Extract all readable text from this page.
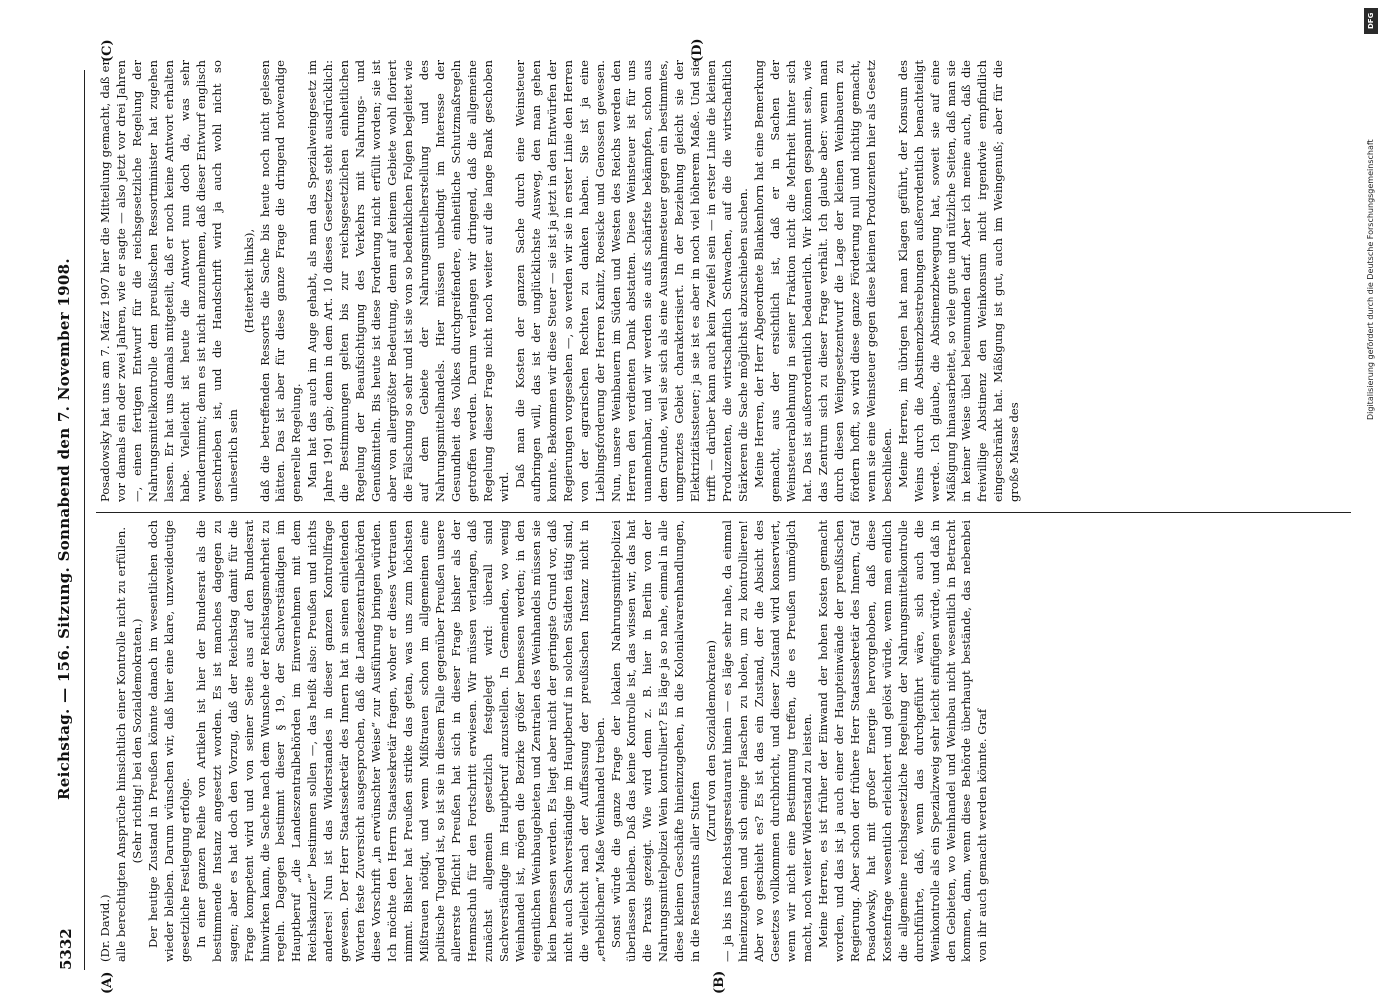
5332
Reichstag. — 156. Sitzung. Sonnabend den 7. November 1908.
(A)	(B)
(C)	(D)

(Dr. David.) alle berechtigten Ansprüche hinsichtlich einer Kontrolle nicht zu erfüllen. (Sehr richtig! bei den Sozialdemokraten.) Der heutige Zustand in Preußen könnte danach im wesentlichen doch wieder bleiben. Darum wünschen wir, daß hier eine klare, unzweideutige gesetzliche Festlegung erfolge. In einer ganzen Reihe von Artikeln ist hier der Bundesrat als die bestimmende Instanz angesetzt worden. Es ist manches dagegen zu sagen; aber es hat doch den Vorzug, daß der Reichstag damit für die Frage kompetent wird und von seiner Seite aus auf den Bundesrat hinwirken kann, die Sache nach dem Wunsche der Reichstagsmehrheit zu regeln. Dagegen bestimmt dieser § 19, der Sachverständigen im Hauptberuf „die Landeszentralbehörden im Einvernehmen mit dem Reichskanzler“ bestimmen sollen —, das heißt also: Preußen und nichts anderes! Nun ist das Widerstandes in dieser ganzen Kontrollfrage gewesen. Der Herr Staatssekretär des Innern hat in seinen einleitenden Worten feste Zuversicht ausgesprochen, daß die Landeszentralbehörden diese Vorschrift „in erwünschter Weise“ zur Ausführung bringen würden. Ich möchte den Herrn Staatssekretär fragen, woher er dieses Vertrauen nimmt. Bisher hat Preußen strikte das getan, was uns zum höchsten Mißtrauen nötigt, und wenn Mißtrauen schon im allgemeinen eine politische Tugend ist, so ist sie in diesem Falle gegenüber Preußen unsere allererste Pflicht! Preußen hat sich in dieser Frage bisher als der Hemmschuh für den Fortschritt erwiesen. Wir müssen verlangen, daß zunächst allgemein gesetzlich festgelegt wird: überall sind Sachverständige im Hauptberuf anzustellen. In Gemeinden, wo wenig Weinhandel ist, mögen die Bezirke größer bemessen werden; in den eigentlichen Weinbaugebieten und Zentralen des Weinhandels müssen sie klein bemessen werden. Es liegt aber nicht der geringste Grund vor, daß nicht auch Sachverständige im Hauptberuf in solchen Städten tätig sind, die vielleicht nach der Auffassung der preußischen Instanz nicht in „erheblichem“ Maße Weinhandel treiben. Sonst würde die ganze Frage der lokalen Nahrungsmittelpolizei überlassen bleiben. Daß das keine Kontrolle ist, das wissen wir, das hat die Praxis gezeigt. Wie wird denn z. B. hier in Berlin von der Nahrungsmittelpolizei Wein kontrolliert? Es läge ja so nahe, einmal in alle diese kleinen Geschäfte hineinzugehen, in die Kolonialwarenhandlungen, in die Restaurants aller Stufen

(Zuruf von den Sozialdemokraten) — ja bis ins Reichstagsrestaurant hinein — es läge sehr nahe, da einmal hineinzugehen und sich einige Flaschen zu holen, um zu kontrollieren! Aber wo geschieht es? Es ist das ein Zustand, der die Absicht des Gesetzes vollkommen durchbricht, und dieser Zustand wird konserviert, wenn wir nicht eine Bestimmung treffen, die es Preußen unmöglich macht, noch weiter Widerstand zu leisten. Meine Herren, es ist früher der Einwand der hohen Kosten gemacht worden, und das ist ja auch einer der Haupteinwände der preußischen Regierung. Aber schon der frühere Herr Staatssekretär des Innern, Graf Posadowsky, hat mit großer Energie hervorgehoben, daß diese Kostenfrage wesentlich erleichtert und gelöst würde, wenn man endlich die allgemeine reichsgesetzliche Regelung der Nahrungsmittelkontrolle durchführte, daß, wenn das durchgeführt wäre, sich auch die Weinkontrolle als ein Spezialzweig sehr leicht einfügen würde, und daß in den Gebieten, wo Weinhandel und Weinbau nicht wesentlich in Betracht kommen, dann, wenn diese Behörde überhaupt bestände, das nebenbei von ihr auch gemacht werden könnte. Graf

Posadowsky hat uns am 7. März 1907 hier die Mitteilung gemacht, daß er vor damals ein oder zwei Jahren, wie er sagte — also jetzt vor drei Jahren —, einen fertigen Entwurf für die reichsgesetzliche Regelung der Nahrungsmittelkontrolle dem preußischen Ressortminister hat zugehen lassen. Er hat uns damals mitgeteilt, daß er noch keine Antwort erhalten habe. Vielleicht ist heute die Antwort nun doch da, was sehr wundernimmt; denn es ist nicht anzunehmen, daß dieser Entwurf englisch geschrieben ist, und die Handschrift wird ja auch wohl nicht so unleserlich sein

(Heiterkeit links), daß die betreffenden Ressorts die Sache bis heute noch nicht gelesen hätten. Das ist aber für diese ganze Frage die dringend notwendige generelle Regelung. Man hat das auch im Auge gehabt, als man das Spezialweingesetz im Jahre 1901 gab; denn in dem Art. 10 dieses Gesetzes steht ausdrücklich: die Bestimmungen gelten bis zur reichsgesetzlichen einheitlichen Regelung der Beaufsichtigung des Verkehrs mit Nahrungs- und Genußmitteln. Bis heute ist diese Forderung nicht erfüllt worden; sie ist aber von allergrößter Bedeutung, denn auf keinem Gebiete wohl floriert die Fälschung so sehr und ist sie von so bedenklichen Folgen begleitet wie auf dem Gebiete der Nahrungsmittelherstellung und des Nahrungsmittelhandels. Hier müssen unbedingt im Interesse der Gesundheit des Volkes durchgreifendere, einheitliche Schutzmaßregeln getroffen werden. Darum verlangen wir dringend, daß die allgemeine Regelung dieser Frage nicht noch weiter auf die lange Bank geschoben wird. Daß man die Kosten der ganzen Sache durch eine Weinsteuer aufbringen will, das ist der unglücklichste Ausweg, den man gehen konnte. Bekommen wir diese Steuer — sie ist ja jetzt in den Entwürfen der Regierungen vorgesehen —, so werden wir sie in erster Linie den Herren von der agrarischen Rechten zu danken haben. Sie ist ja eine Lieblingsforderung der Herren Kanitz, Roesicke und Genossen gewesen. Nun, unsere Weinbauern im Süden und Westen des Reichs werden den Herren den verdienten Dank abstatten. Diese Weinsteuer ist für uns unannehmbar, und wir werden sie aufs schärfste bekämpfen, schon aus dem Grunde, weil sie sich als eine Ausnahmesteuer gegen ein bestimmtes, umgrenztes Gebiet charakterisiert. In der Beziehung gleicht sie der Elektrizitätssteuer; ja sie ist es aber in noch viel höherem Maße. Und sie trifft — darüber kann auch kein Zweifel sein — in erster Linie die kleinen Produzenten, die wirtschaftlich Schwachen, auf die die wirtschaftlich Stärkeren die Sache möglichst abzuschieben suchen. Meine Herren, der Herr Abgeordnete Blankenhorn hat eine Bemerkung gemacht, aus der ersichtlich ist, daß er in Sachen der Weinsteuerablehnung in seiner Fraktion nicht die Mehrheit hinter sich hat. Das ist außerordentlich bedauerlich. Wir können gespannt sein, wie das Zentrum sich zu dieser Frage verhält. Ich glaube aber: wenn man durch diesen Weingesetzentwurf die Lage der kleinen Weinbauern zu fördern hofft, so wird diese ganze Förderung null und nichtig gemacht, wenn sie eine Weinsteuer gegen diese kleinen Produzenten hier als Gesetz beschließen. Meine Herren, im übrigen hat man Klagen geführt, der Konsum des Weins durch die Abstinenzbestrebungen außerordentlich benachteiligt werde. Ich glaube, die Abstinenzbewegung hat, soweit sie auf eine Mäßigung hinausarbeitet, so viele gute und nützliche Seiten, daß man sie in keiner Weise übel beleumunden darf. Aber ich meine auch, daß die freiwillige Abstinenz den Weinkonsum nicht irgendwie empfindlich eingeschränkt hat. Mäßigung ist gut, auch im Weingenuß; aber für die große Masse des

DFG
Digitalisierung gefördert durch die Deutsche Forschungsgemeinschaft
